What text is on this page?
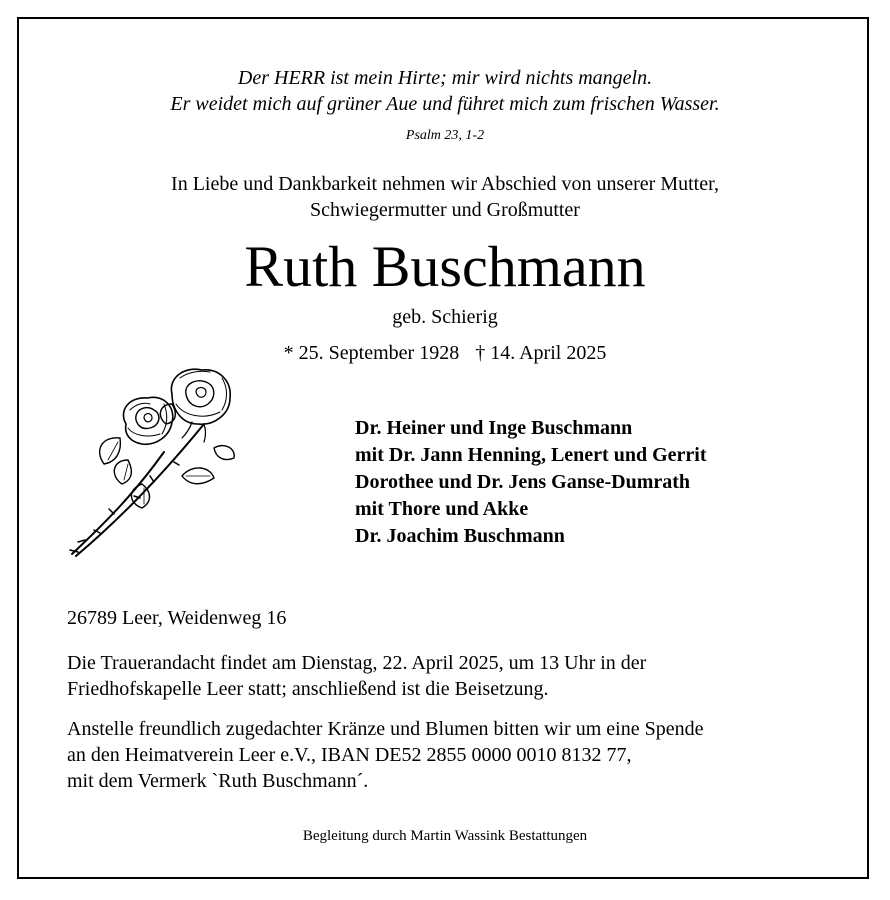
Der HERR ist mein Hirte; mir wird nichts mangeln.
Er weidet mich auf grüner Aue und führet mich zum frischen Wasser.
Psalm 23, 1-2
In Liebe und Dankbarkeit nehmen wir Abschied von unserer Mutter,
Schwiegermutter und Großmutter
Ruth Buschmann
geb. Schierig
* 25. September 1928 † 14. April 2025
Dr. Heiner und Inge Buschmann
mit Dr. Jann Henning, Lenert und Gerrit
Dorothee und Dr. Jens Ganse-Dumrath
mit Thore und Akke
Dr. Joachim Buschmann
26789 Leer, Weidenweg 16
Die Trauerandacht findet am Dienstag, 22. April 2025, um 13 Uhr in der
Friedhofskapelle Leer statt; anschließend ist die Beisetzung.
Anstelle freundlich zugedachter Kränze und Blumen bitten wir um eine Spende
an den Heimatverein Leer e.V., IBAN DE52 2855 0000 0010 8132 77,
mit dem Vermerk `Ruth Buschmann´.
Begleitung durch Martin Wassink Bestattungen
